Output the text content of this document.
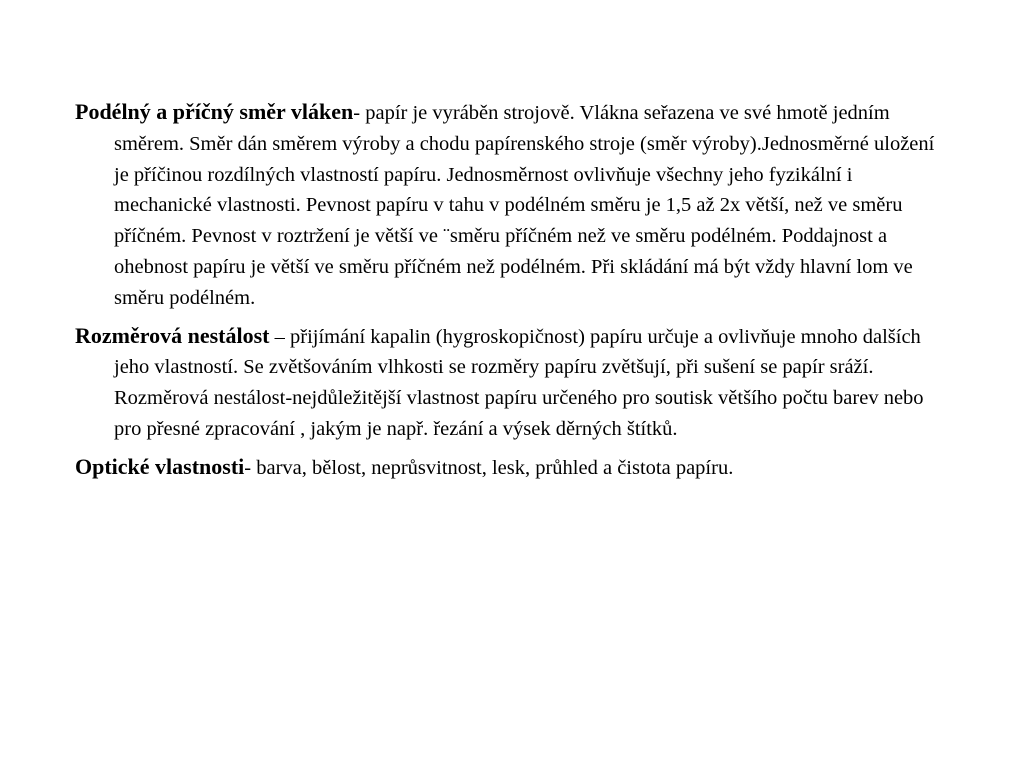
Podélný a příčný směr vláken- papír je vyráběn strojově. Vlákna seřazena ve své hmotě jedním směrem. Směr dán směrem výroby a chodu papírenského stroje (směr výroby).Jednosměrné uložení je příčinou rozdílných vlastností papíru. Jednosměrnost ovlivňuje všechny jeho fyzikální i mechanické vlastnosti. Pevnost papíru v tahu v podélném směru je 1,5 až 2x větší, než ve směru příčném. Pevnost v roztržení je větší ve ¨směru příčném než ve směru podélném. Poddajnost a ohebnost papíru je větší ve směru příčném než podélném. Při skládání má být vždy hlavní lom ve směru podélném.

Rozměrová nestálost – přijímání kapalin (hygroskopičnost) papíru určuje a ovlivňuje mnoho dalších jeho vlastností. Se zvětšováním vlhkosti se rozměry papíru zvětšují, při sušení se papír sráží. Rozměrová nestálost-nejdůležitější vlastnost papíru určeného pro soutisk většího počtu barev nebo pro přesné zpracování , jakým je např. řezání a výsek děrných štítků.

Optické vlastnosti- barva, bělost, neprůsvitnost, lesk, průhled a čistota papíru.
